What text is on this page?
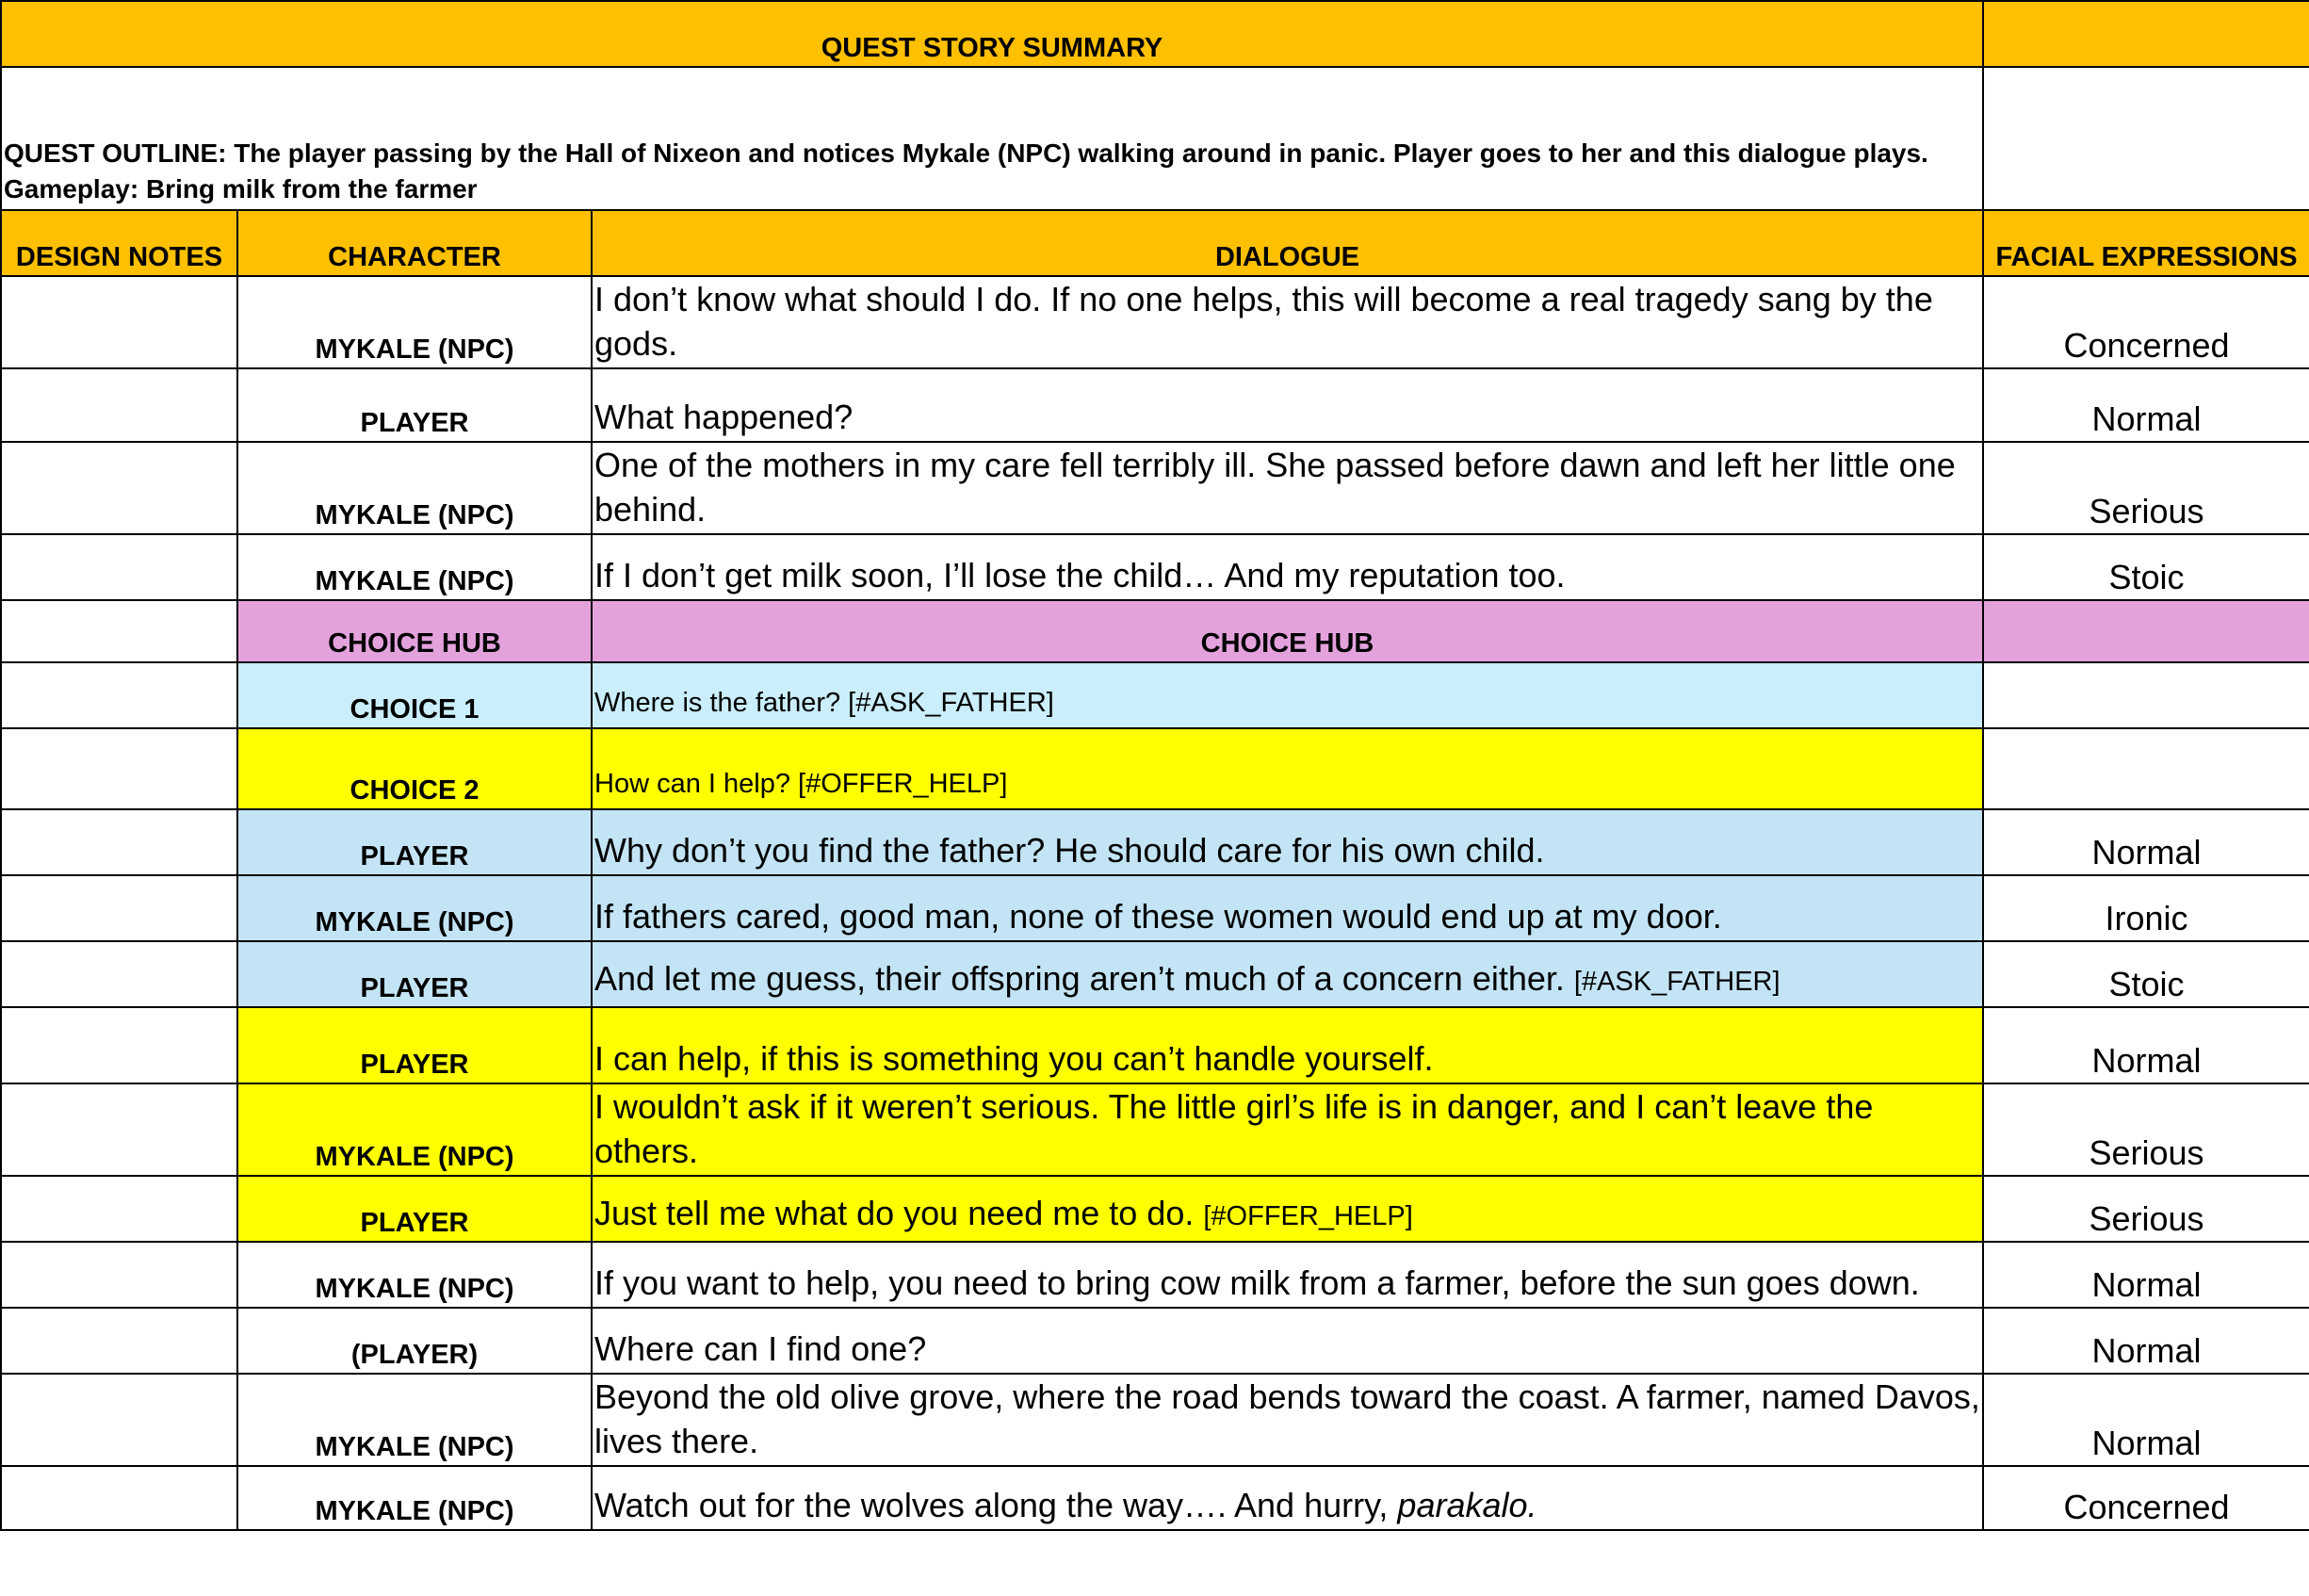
QUEST STORY SUMMARY			

QUEST OUTLINE: The player passing by the Hall of Nixeon and notices Mykale (NPC) walking around in panic. Player goes to her and this dialogue plays.
Gameplay: Bring milk from the farmer			

DESIGN NOTES	CHARACTER	DIALOGUE	FACIAL EXPRESSIONS
	MYKALE (NPC)	I don’t know what should I do. If no one helps, this will become a real tragedy sang by the gods.	Concerned
	PLAYER	What happened?	Normal
	MYKALE (NPC)	One of the mothers in my care fell terribly ill. She passed before dawn and left her little one behind.	Serious
	MYKALE (NPC)	If I don’t get milk soon, I’ll lose the child… And my reputation too.	Stoic
	CHOICE HUB	CHOICE HUB	
	CHOICE 1	Where is the father? [#ASK_FATHER]	
	CHOICE 2	How can I help? [#OFFER_HELP]	
	PLAYER	Why don’t you find the father? He should care for his own child.	Normal
	MYKALE (NPC)	If fathers cared, good man, none of these women would end up at my door.	Ironic
	PLAYER	And let me guess, their offspring aren’t much of a concern either. [#ASK_FATHER]	Stoic
	PLAYER	I can help, if this is something you can’t handle yourself.	Normal
	MYKALE (NPC)	I wouldn’t ask if it weren’t serious. The little girl’s life is in danger, and I can’t leave the others.	Serious
	PLAYER	Just tell me what do you need me to do. [#OFFER_HELP]	Serious
	MYKALE (NPC)	If you want to help, you need to bring cow milk from a farmer, before the sun goes down.	Normal
	(PLAYER)	Where can I find one?	Normal
	MYKALE (NPC)	Beyond the old olive grove, where the road bends toward the coast. A farmer, named Davos, lives there.	Normal
	MYKALE (NPC)	Watch out for the wolves along the way…. And hurry, parakalo.	Concerned
